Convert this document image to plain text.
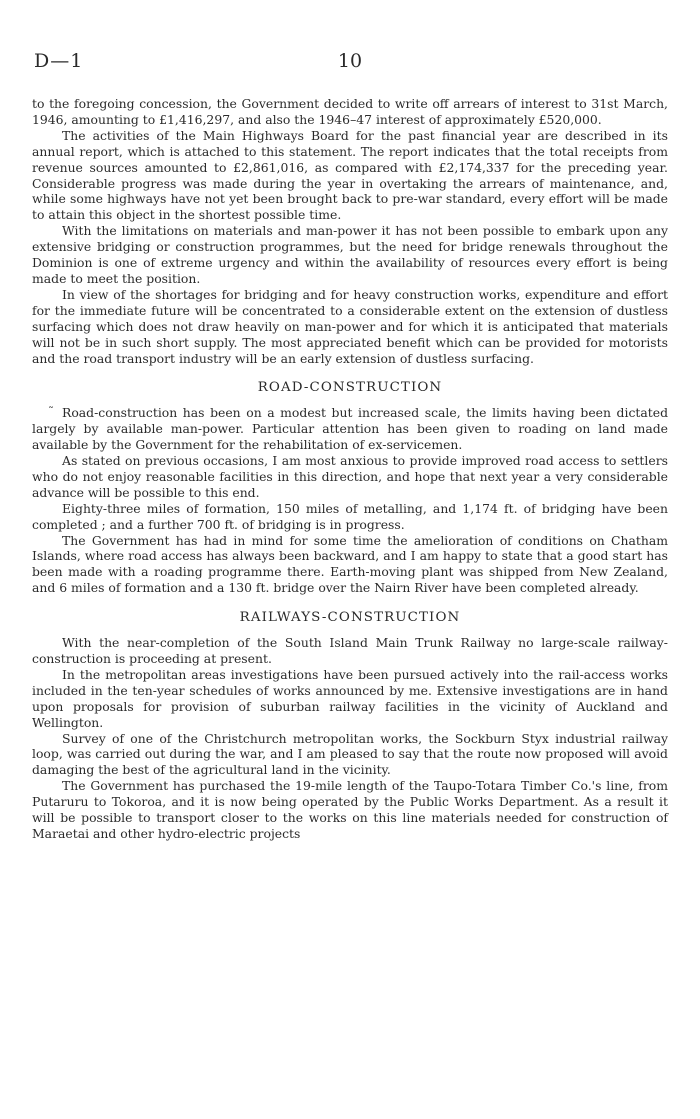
D—1	10

to the foregoing concession, the Government decided to write off arrears of interest to 31st March, 1946, amounting to £1,416,297, and also the 1946–47 interest of approximately £520,000.

The activities of the Main Highways Board for the past financial year are described in its annual report, which is attached to this statement. The report indicates that the total receipts from revenue sources amounted to £2,861,016, as compared with £2,174,337 for the preceding year. Considerable progress was made during the year in overtaking the arrears of maintenance, and, while some highways have not yet been brought back to pre-war standard, every effort will be made to attain this object in the shortest possible time.

With the limitations on materials and man-power it has not been possible to embark upon any extensive bridging or construction programmes, but the need for bridge renewals throughout the Dominion is one of extreme urgency and within the availability of resources every effort is being made to meet the position.

In view of the shortages for bridging and for heavy construction works, expenditure and effort for the immediate future will be concentrated to a considerable extent on the extension of dustless surfacing which does not draw heavily on man-power and for which it is anticipated that materials will not be in such short supply. The most appreciated benefit which can be provided for motorists and the road transport industry will be an early extension of dustless surfacing.

ROAD-CONSTRUCTION

˜ Road-construction has been on a modest but increased scale, the limits having been dictated largely by available man-power. Particular attention has been given to roading on land made available by the Government for the rehabilitation of ex-servicemen.

As stated on previous occasions, I am most anxious to provide improved road access to settlers who do not enjoy reasonable facilities in this direction, and hope that next year a very considerable advance will be possible to this end.

Eighty-three miles of formation, 150 miles of metalling, and 1,174 ft. of bridging have been completed ; and a further 700 ft. of bridging is in progress.

The Government has had in mind for some time the amelioration of conditions on Chatham Islands, where road access has always been backward, and I am happy to state that a good start has been made with a roading programme there. Earth-moving plant was shipped from New Zealand, and 6 miles of formation and a 130 ft. bridge over the Nairn River have been completed already.

RAILWAYS-CONSTRUCTION

With the near-completion of the South Island Main Trunk Railway no large-scale railway-construction is proceeding at present.

In the metropolitan areas investigations have been pursued actively into the rail-access works included in the ten-year schedules of works announced by me. Extensive investigations are in hand upon proposals for provision of suburban railway facilities in the vicinity of Auckland and Wellington.

Survey of one of the Christchurch metropolitan works, the Sockburn Styx industrial railway loop, was carried out during the war, and I am pleased to say that the route now proposed will avoid damaging the best of the agricultural land in the vicinity.

The Government has purchased the 19-mile length of the Taupo-Totara Timber Co.'s line, from Putaruru to Tokoroa, and it is now being operated by the Public Works Department. As a result it will be possible to transport closer to the works on this line materials needed for construction of Maraetai and other hydro-electric projects
